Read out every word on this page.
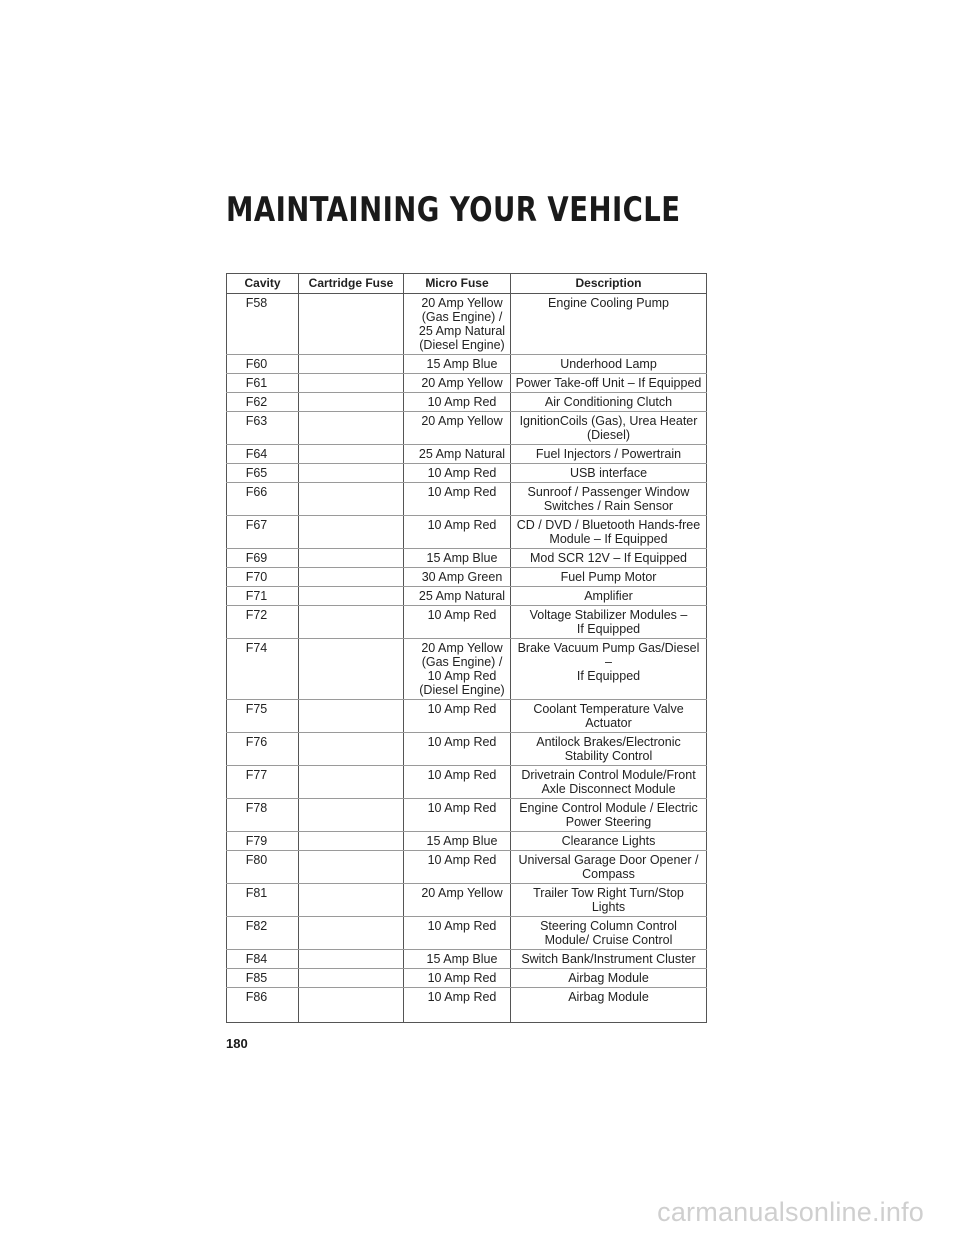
MAINTAINING YOUR VEHICLE
Cavity	Cartridge Fuse	Micro Fuse	Description
F58		20 Amp Yellow
(Gas Engine) /
25 Amp Natural
(Diesel Engine)	Engine Cooling Pump
F60		15 Amp Blue	Underhood Lamp
F61		20 Amp Yellow	Power Take-off Unit – If Equipped
F62		10 Amp Red	Air Conditioning Clutch
F63		20 Amp Yellow	IgnitionCoils (Gas), Urea Heater
(Diesel)
F64		25 Amp Natural	Fuel Injectors / Powertrain
F65		10 Amp Red	USB interface
F66		10 Amp Red	Sunroof / Passenger Window
Switches / Rain Sensor
F67		10 Amp Red	CD / DVD / Bluetooth Hands-free
Module – If Equipped
F69		15 Amp Blue	Mod SCR 12V – If Equipped
F70		30 Amp Green	Fuel Pump Motor
F71		25 Amp Natural	Amplifier
F72		10 Amp Red	Voltage Stabilizer Modules –
If Equipped
F74		20 Amp Yellow
(Gas Engine) /
10 Amp Red
(Diesel Engine)	Brake Vacuum Pump Gas/Diesel –
If Equipped
F75		10 Amp Red	Coolant Temperature Valve
Actuator
F76		10 Amp Red	Antilock Brakes/Electronic
Stability Control
F77		10 Amp Red	Drivetrain Control Module/Front
Axle Disconnect Module
F78		10 Amp Red	Engine Control Module / Electric
Power Steering
F79		15 Amp Blue	Clearance Lights
F80		10 Amp Red	Universal Garage Door Opener /
Compass
F81		20 Amp Yellow	Trailer Tow Right Turn/Stop Lights
F82		10 Amp Red	Steering Column Control
Module/ Cruise Control
F84		15 Amp Blue	Switch Bank/Instrument Cluster
F85		10 Amp Red	Airbag Module
F86		10 Amp Red	Airbag Module
180
carmanualsonline.info
